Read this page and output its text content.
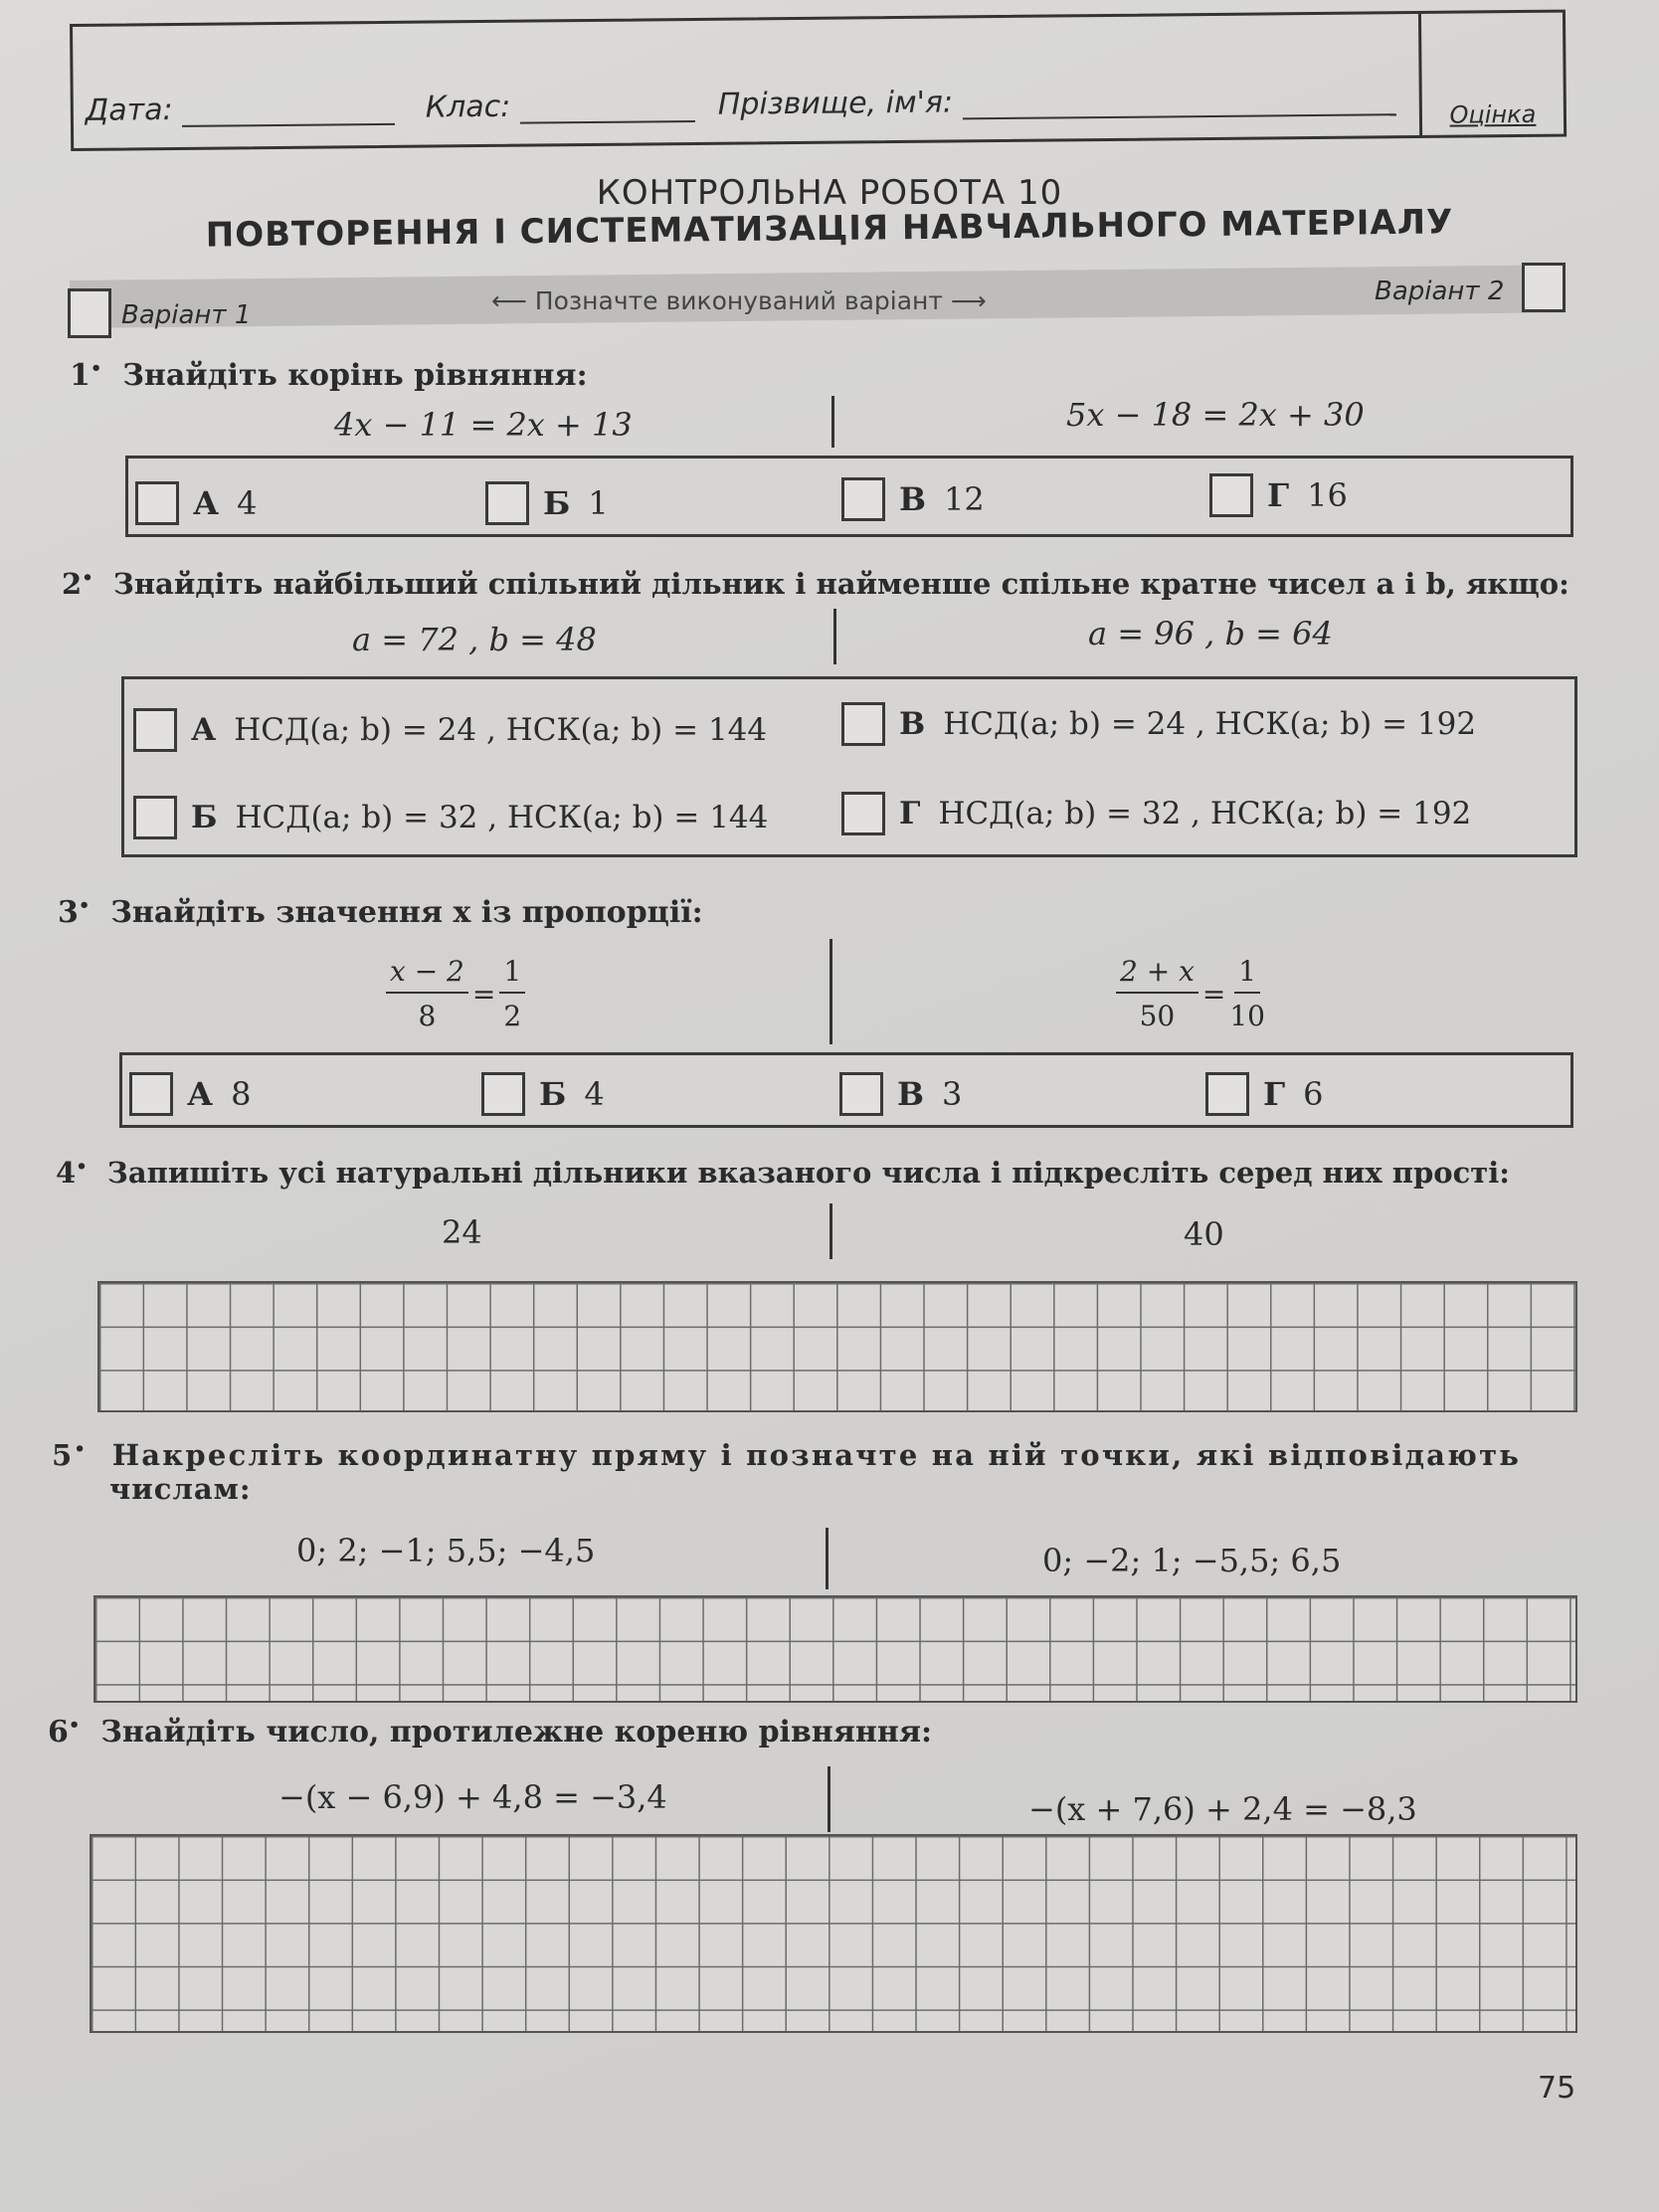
Дата:	Клас:	Прізвище, ім'я:	Оцінка
КОНТРОЛЬНА РОБОТА 10
ПОВТОРЕННЯ І СИСТЕМАТИЗАЦІЯ НАВЧАЛЬНОГО МАТЕРІАЛУ
Варіант 1	⟵ Позначте виконуваний варіант ⟶	Варіант 2
1• Знайдіть корінь рівняння:
4x − 11 = 2x + 13	5x − 18 = 2x + 30
А 4	Б 1	В 12	Г 16
2• Знайдіть найбільший спільний дільник і найменше спільне кратне чисел a і b, якщо:
a = 72 , b = 48	a = 96 , b = 64
А НСД(a; b) = 24 , НСК(a; b) = 144	В НСД(a; b) = 24 , НСК(a; b) = 192
Б НСД(a; b) = 32 , НСК(a; b) = 144	Г НСД(a; b) = 32 , НСК(a; b) = 192
3• Знайдіть значення x із пропорції:
$\frac{x - 2}{8} = \frac{1}{2}$	$\frac{2 + x}{50} = \frac{1}{10}$
А 8	Б 4	В 3	Г 6
4• Запишіть усі натуральні дільники вказаного числа і підкресліть серед них прості:
24	40
5• Накресліть координатну пряму і позначте на ній точки, які відповідають
числам:
0; 2; −1; 5,5; −4,5	0; −2; 1; −5,5; 6,5
6• Знайдіть число, протилежне кореню рівняння:
−(x − 6,9) + 4,8 = −3,4	−(x + 7,6) + 2,4 = −8,3
75
